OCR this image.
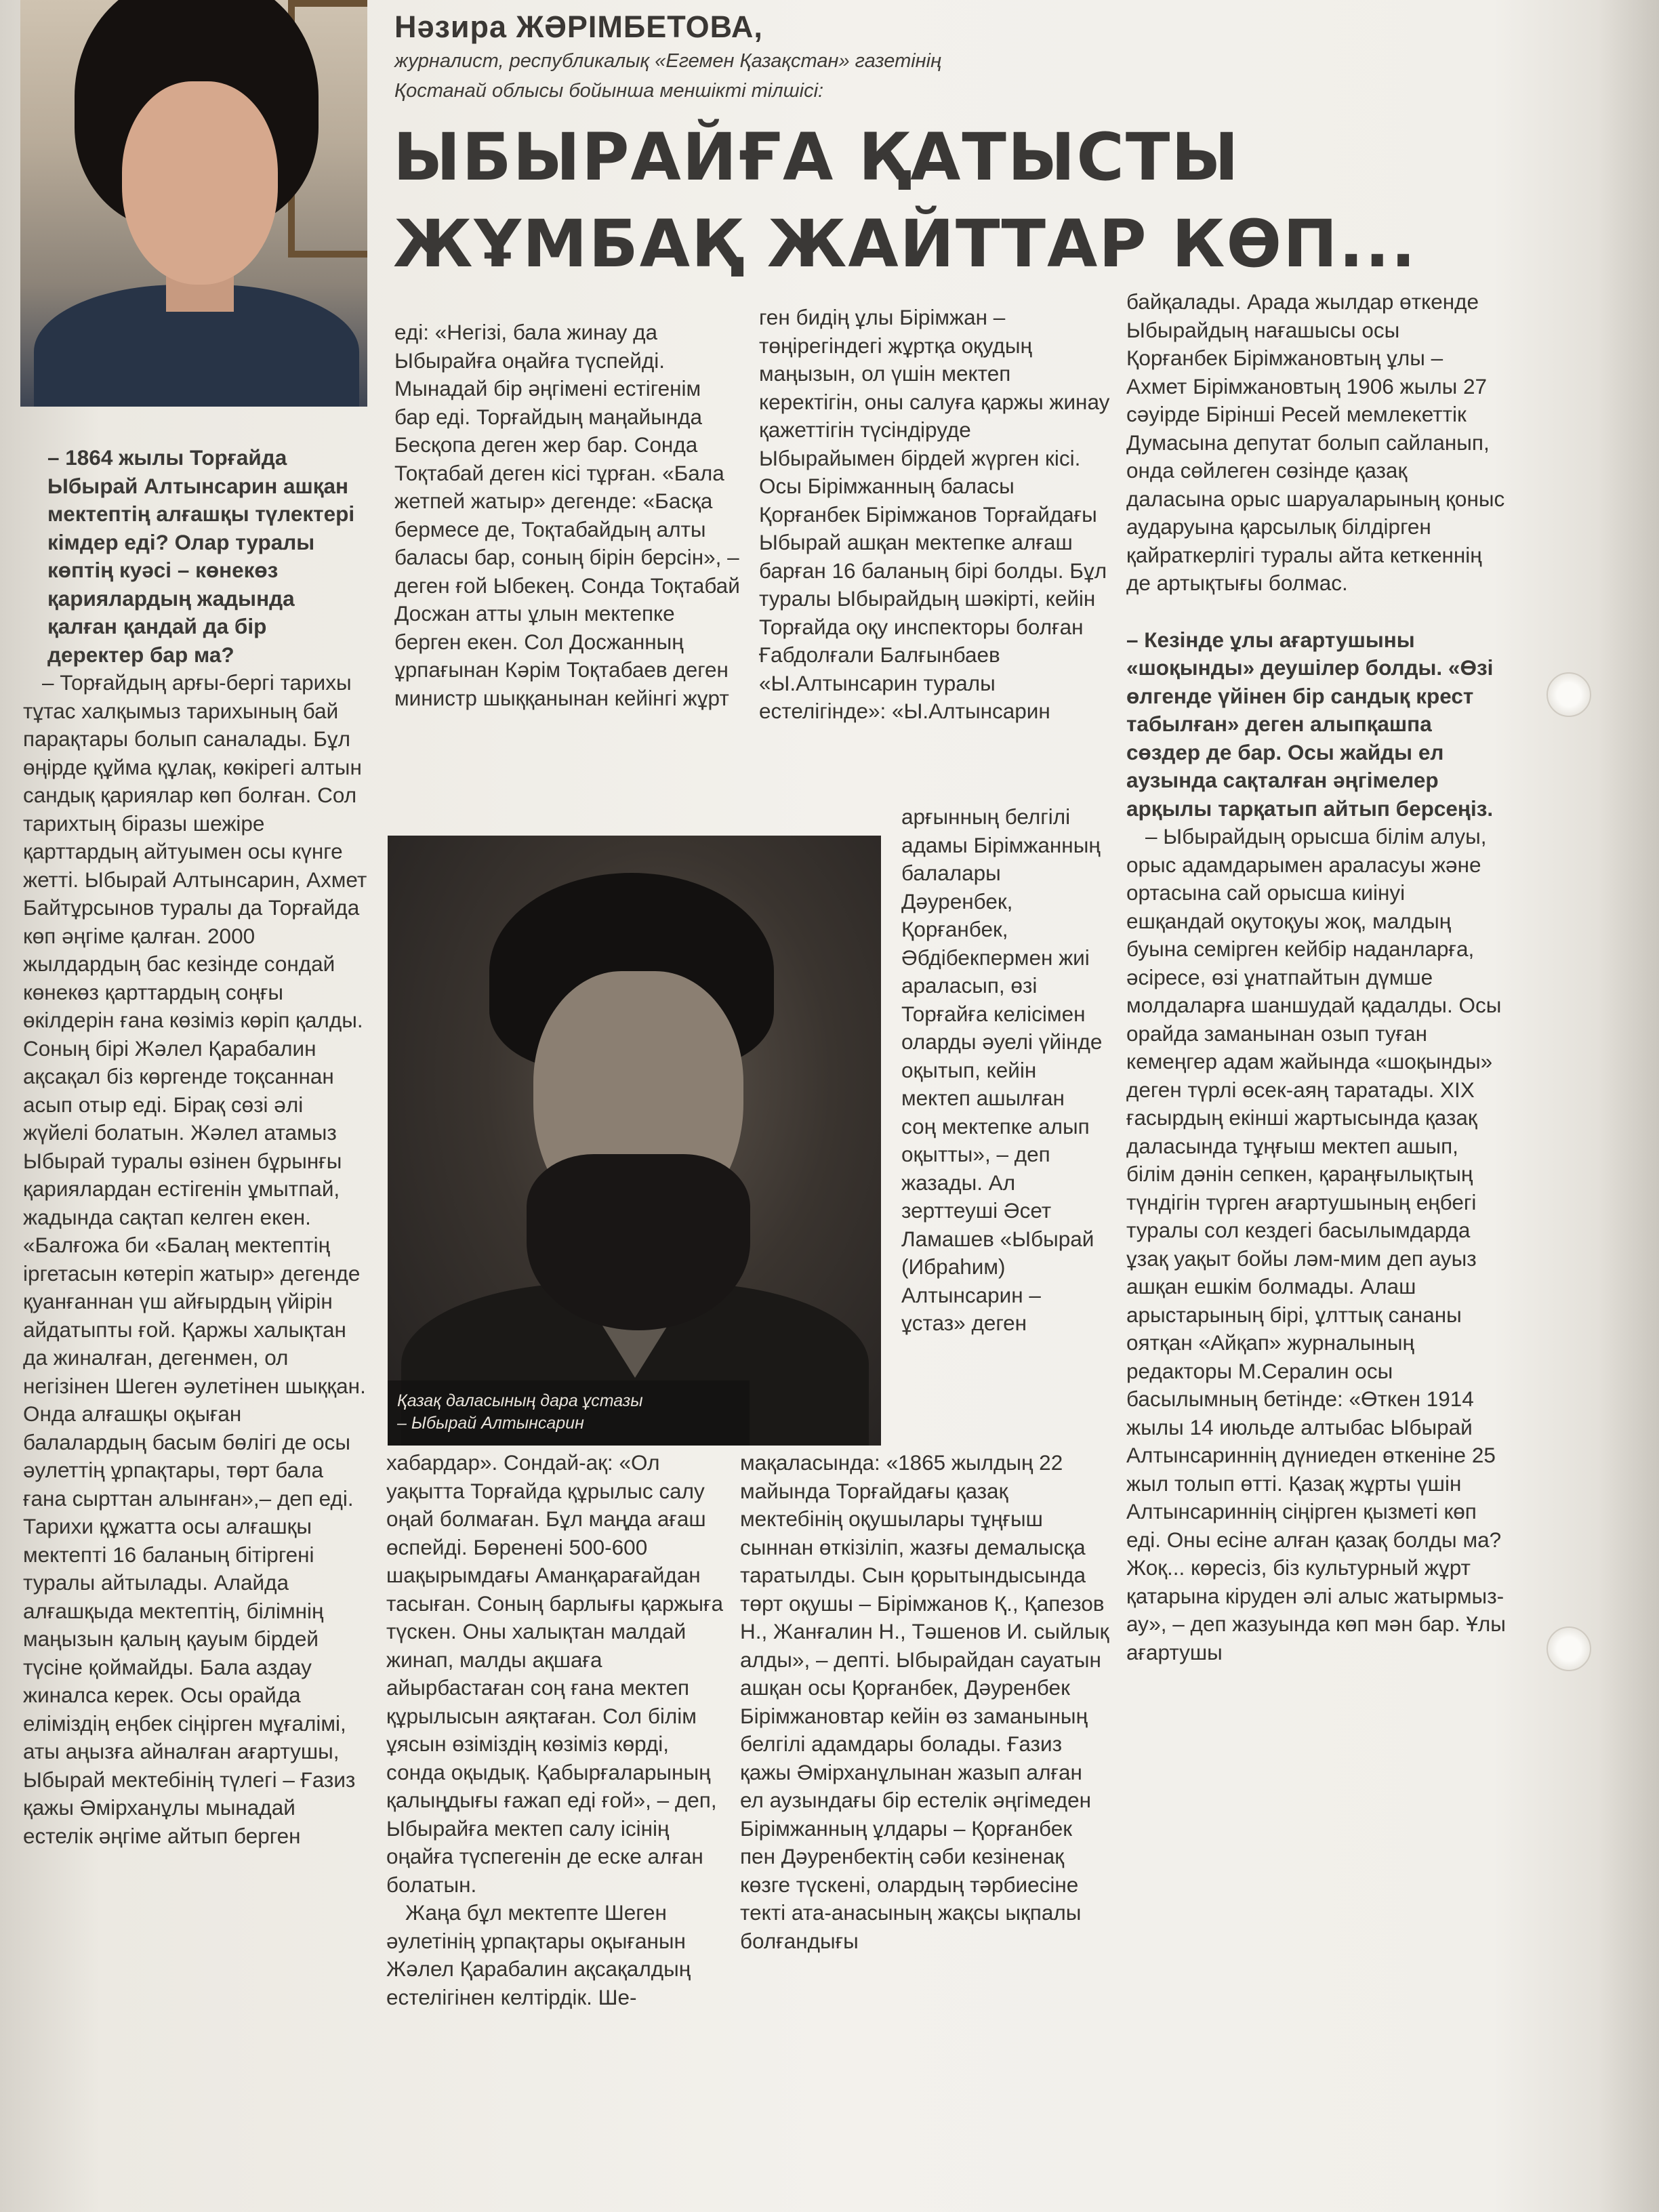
Нәзира ЖӘРІМБЕТОВА,
журналист, республикалық «Егемен Қазақстан» газетінің
Қостанай облысы бойынша меншікті тілшісі:
ЫБЫРАЙҒА ҚАТЫСТЫ
ЖҰМБАҚ ЖАЙТТАР КӨП...

– 1864 жылы Торғайда Ыбырай Алтынсарин ашқан мектептің алғашқы түлектері кімдер еді? Олар туралы көптің куәсі – көнекөз қариялардың жадында қалған қандай да бір деректер бар ма?

– Торғайдың арғы-бергі тарихы тұтас халқымыз тарихының бай парақтары болып саналады. Бұл өңірде құйма құлақ, көкірегі алтын сандық қариялар көп болған. Сол тарихтың біразы шежіре қарттардың айтуымен осы күнге жетті. Ыбырай Алтынсарин, Ахмет Байтұрсынов туралы да Торғайда көп әңгіме қалған. 2000 жылдардың бас кезінде сондай көнекөз қарттардың соңғы өкілдерін ғана көзіміз көріп қалды. Соның бірі Жәлел Қарабалин ақсақал біз көргенде тоқсаннан асып отыр еді. Бірақ сөзі әлі жүйелі болатын. Жәлел атамыз Ыбырай туралы өзінен бұрынғы қариялардан естігенін ұмытпай, жадында сақтап келген екен. «Балғожа би «Балаң мектептің іргетасын көтеріп жатыр» дегенде қуанғаннан үш айғырдың үйірін айдатыпты ғой. Қаржы халықтан да жиналған, дегенмен, ол негізінен Шеген әулетінен шыққан. Онда алғашқы оқыған балалардың басым бөлігі де осы әулеттің ұрпақтары, төрт бала ғана сырттан алынған»,– деп еді. Тарихи құжатта осы алғашқы мектепті 16 баланың бітіргені туралы айтылады. Алайда алғашқыда мектептің, білімнің маңызын қалың қауым бірдей түсіне қоймайды. Бала аздау жиналса керек. Осы орайда еліміздің еңбек сіңірген мұғалімі, аты аңызға айналған ағартушы, Ыбырай мектебінің түлегі – Ғазиз қажы Әмірханұлы мынадай естелік әңгіме айтып берген

еді: «Негізі, бала жинау да Ыбырайға оңайға түспейді. Мынадай бір әңгімені естігенім бар еді. Торғайдың маңайында Бесқопа деген жер бар. Сонда Тоқтабай деген кісі тұрған. «Бала жетпей жатыр» дегенде: «Басқа бермесе де, Тоқтабайдың алты баласы бар, соның бірін берсін», – деген ғой Ыбекең. Сонда Тоқтабай Досжан атты ұлын мектепке берген екен. Сол Досжанның ұрпағынан Кәрім Тоқтабаев деген министр шыққанынан кейінгі жұрт

Қазақ даласының дара ұстазы
– Ыбырай Алтынсарин

хабардар». Сондай-ақ: «Ол уақытта Торғайда құрылыс салу оңай болмаған. Бұл маңда ағаш өспейді. Бөренені 500-600 шақырымдағы Аманқарағайдан тасыған. Соның барлығы қаржыға түскен. Оны халықтан малдай жинап, малды ақшаға айырбастаған соң ғана мектеп құрылысын аяқтаған. Сол білім ұясын өзіміздің көзіміз көрді, сонда оқыдық. Қабырғаларының қалыңдығы ғажап еді ғой», – деп, Ыбырайға мектеп салу ісінің оңайға түспегенін де еске алған болатын.

Жаңа бұл мектепте Шеген әулетінің ұрпақтары оқығанын Жәлел Қарабалин ақсақалдың естелігінен келтірдік. Ше-

ген бидің ұлы Бірімжан – төңірегіндегі жұртқа оқудың маңызын, ол үшін мектеп керектігін, оны салуға қаржы жинау қажеттігін түсіндіруде Ыбырайымен бірдей жүрген кісі. Осы Бірімжанның баласы Қорғанбек Бірімжанов Торғайдағы Ыбырай ашқан мектепке алғаш барған 16 баланың бірі болды. Бұл туралы Ыбырайдың шәкірті, кейін Торғайда оқу инспекторы болған Ғабдолғали Балғынбаев «Ы.Алтынсарин туралы естелігінде»: «Ы.Алтынсарин

арғынның белгілі адамы Бірімжанның балалары Дәуренбек, Қорғанбек, Әбдібекпермен жиі араласып, өзі Торғайға келісімен оларды әуелі үйінде оқытып, кейін мектеп ашылған соң мектепке алып оқытты», – деп жазады. Ал зерттеуші Әсет Ламашев «Ыбырай (Ибраһим) Алтынсарин – ұстаз» деген

мақаласында: «1865 жылдың 22 майында Торғайдағы қазақ мектебінің оқушылары тұңғыш сыннан өткізіліп, жазғы демалысқа таратылды. Сын қорытындысында төрт оқушы – Бірімжанов Қ., Қапезов Н., Жанғалин Н., Тәшенов И. сыйлық алды», – депті. Ыбырайдан сауатын ашқан осы Қорғанбек, Дәуренбек Бірімжановтар кейін өз заманының белгілі адамдары болады. Ғазиз қажы Әмірханұлынан жазып алған ел аузындағы бір естелік әңгімеден Бірімжанның ұлдары – Қорғанбек пен Дәуренбектің сәби кезіненақ көзге түскені, олардың тәрбиесіне текті ата-анасының жақсы ықпалы болғандығы

байқалады. Арада жылдар өткенде Ыбырайдың нағашысы осы Қорғанбек Бірімжановтың ұлы – Ахмет Бірімжановтың 1906 жылы 27 сәуірде Бірінші Ресей мемлекеттік Думасына депутат болып сайланып, онда сөйлеген сөзінде қазақ даласына орыс шаруаларының қоныс аударуына қарсылық білдірген қайраткерлігі туралы айта кеткеннің де артықтығы болмас.

– Кезінде ұлы ағартушыны «шоқынды» деушілер болды. «Өзі өлгенде үйінен бір сандық крест табылған» деген алыпқашпа сөздер де бар. Осы жайды ел аузында сақталған әңгімелер арқылы тарқатып айтып берсеңіз.

– Ыбырайдың орысша білім алуы, орыс адамдарымен араласуы және ортасына сай орысша киінуі ешқандай оқутоқуы жоқ, малдың буына семірген кейбір наданларға, әсіресе, өзі ұнатпайтын дүмше молдаларға шаншудай қадалды. Осы орайда заманынан озып туған кемеңгер адам жайында «шоқынды» деген түрлі өсек-аяң таратады. XIX ғасырдың екінші жартысында қазақ даласында тұңғыш мектеп ашып, білім дәнін сепкен, қараңғылықтың түндігін түрген ағартушының еңбегі туралы сол кездегі басылымдарда ұзақ уақыт бойы ләм-мим деп ауыз ашқан ешкім болмады. Алаш арыстарының бірі, ұлттық сананы оятқан «Айқап» журналының редакторы М.Сералин осы басылымның бетінде: «Өткен 1914 жылы 14 июльде алтыбас Ыбырай Алтынсариннің дүниеден өткеніне 25 жыл толып өтті. Қазақ жұрты үшін Алтынсариннің сіңірген қызметі көп еді. Оны есіне алған қазақ болды ма? Жоқ... көресіз, біз культурный жұрт қатарына кіруден әлі алыс жатырмыз-ау», – деп жазуында көп мән бар. Ұлы ағартушы
